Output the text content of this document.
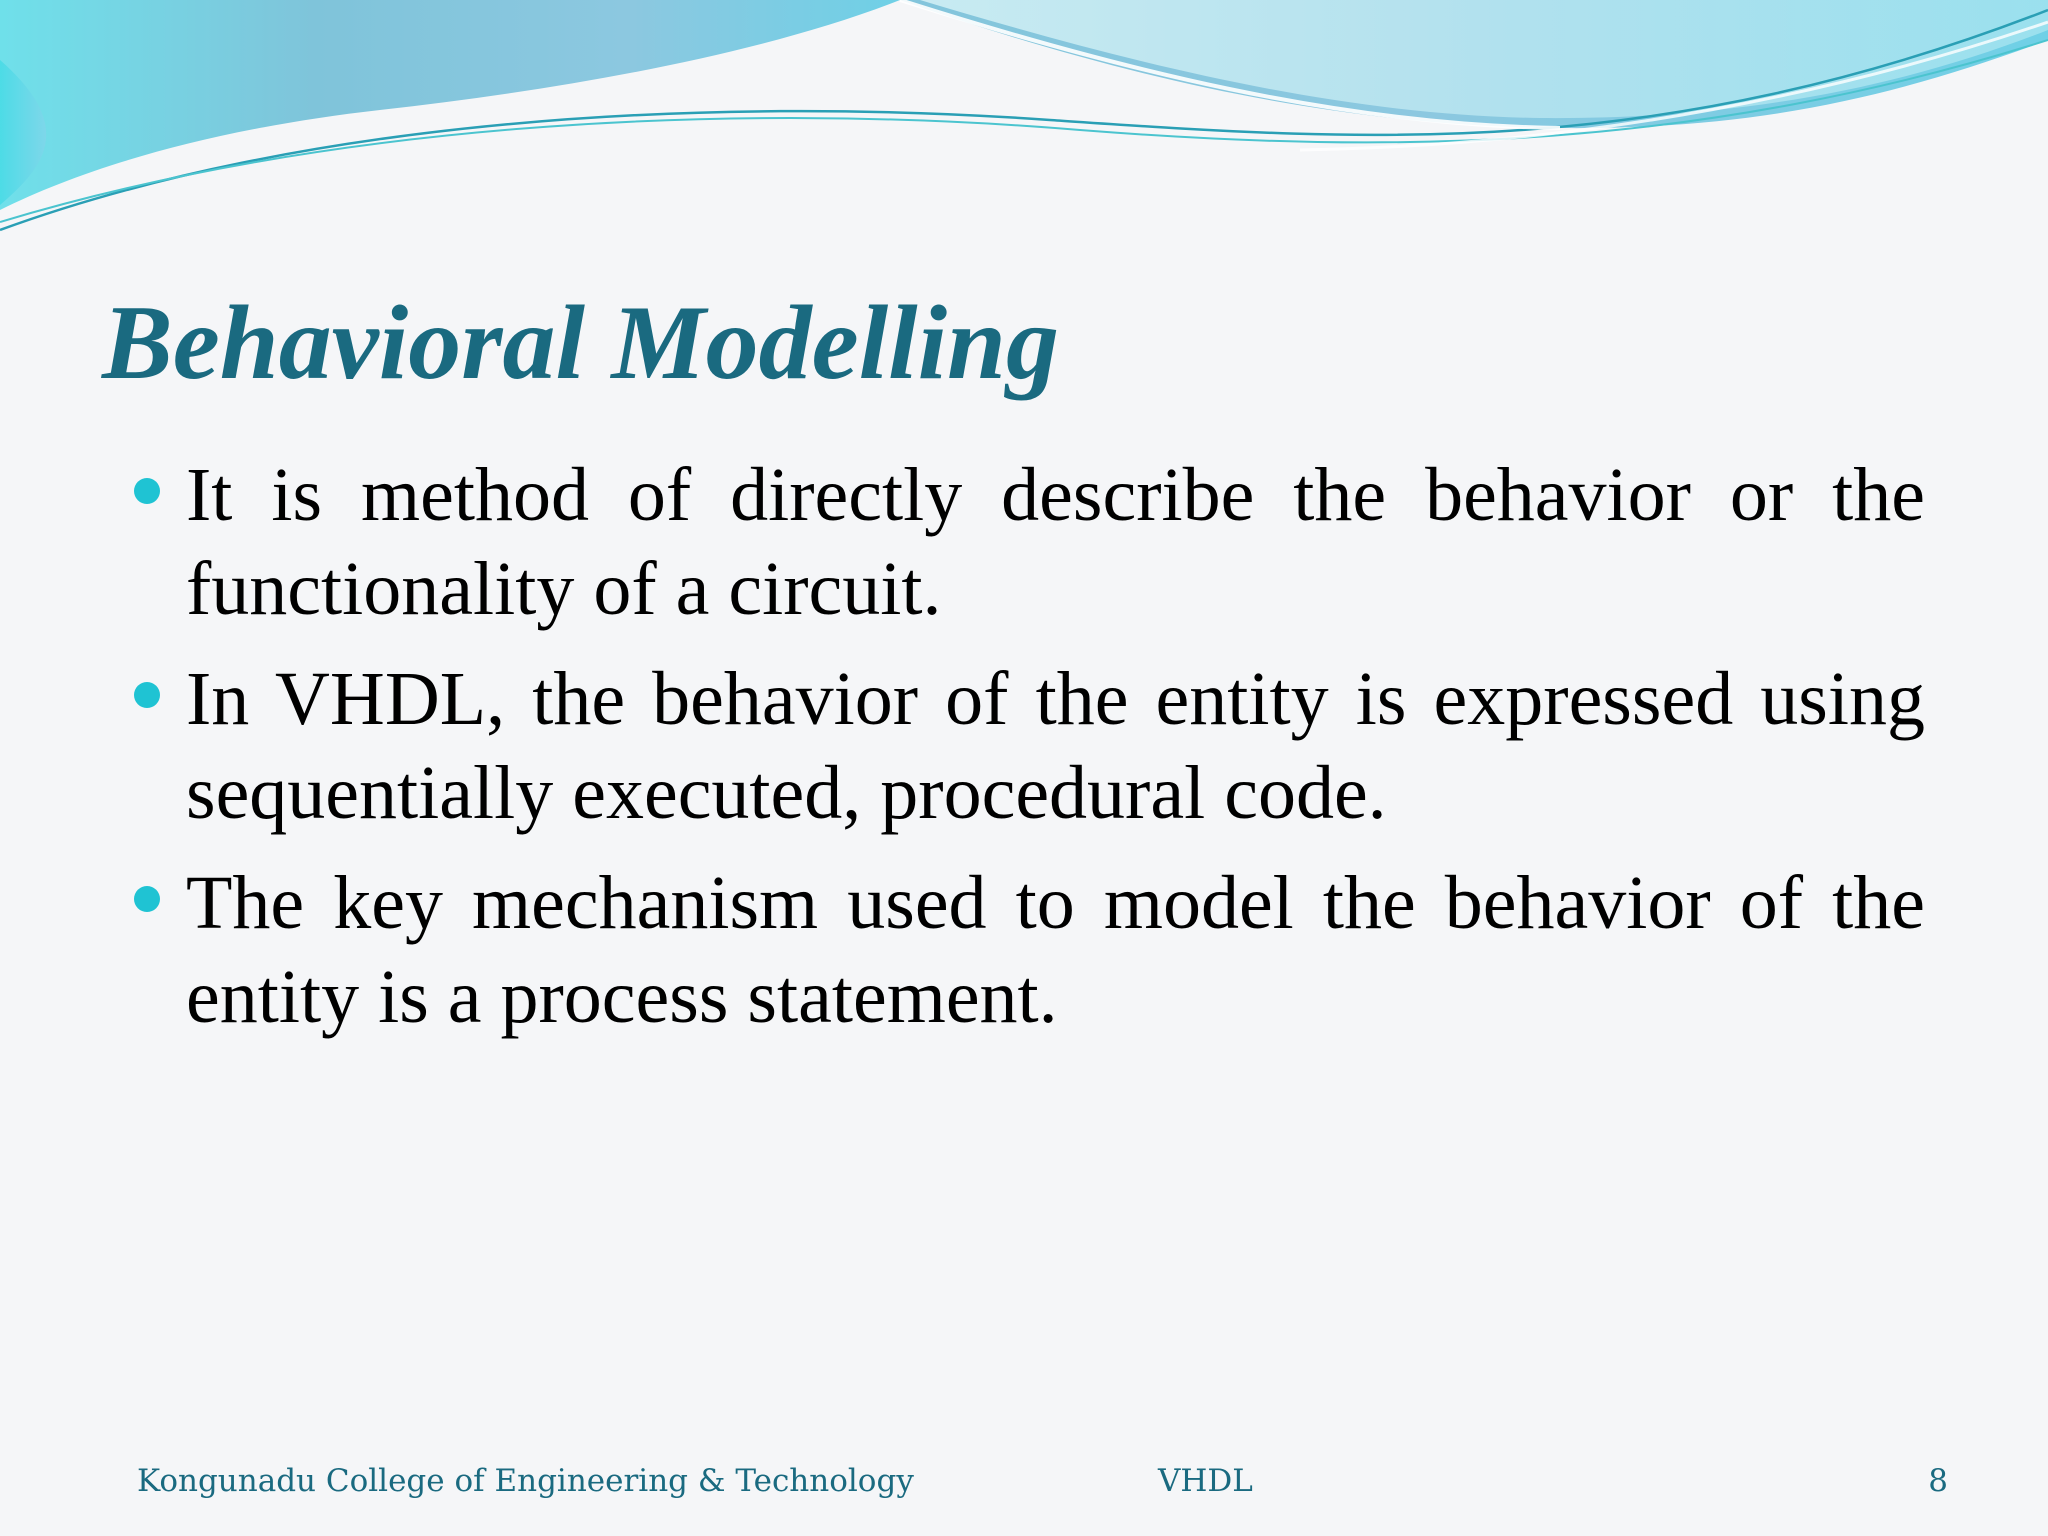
Behavioral Modelling
It is method of directly describe the behavior or the functionality of a circuit.
In VHDL, the behavior of the entity is expressed using sequentially executed, procedural code.
The key mechanism used to model the behavior of the entity is a process statement.
Kongunadu College of Engineering & Technology	VHDL	8
